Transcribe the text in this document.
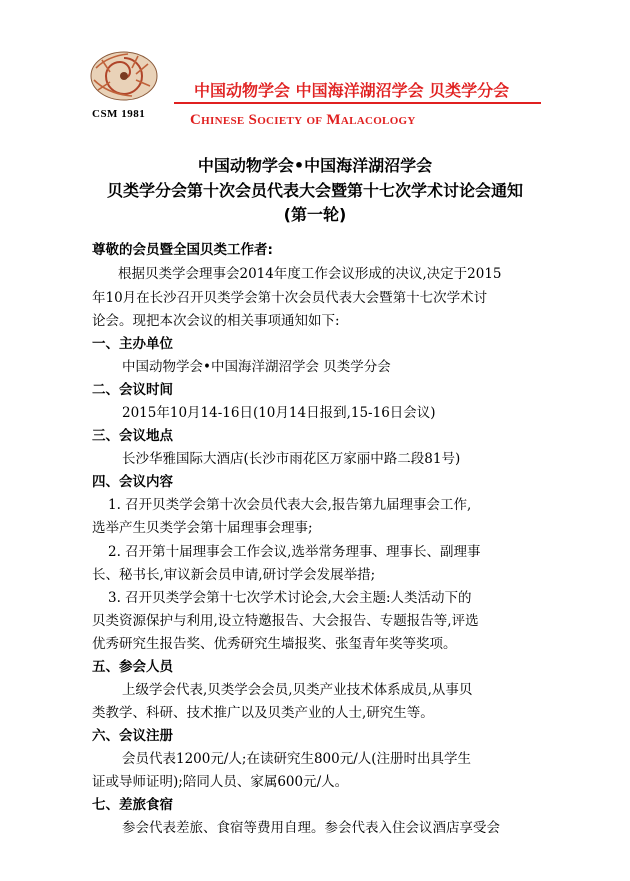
CSM 1981
中国动物学会 中国海洋湖沼学会 贝类学分会
Chinese Society of Malacology
中国动物学会•中国海洋湖沼学会
贝类学分会第十次会员代表大会暨第十七次学术讨论会通知
(第一轮)
尊敬的会员暨全国贝类工作者:
根据贝类学会理事会2014年度工作会议形成的决议,决定于2015
年10月在长沙召开贝类学会第十次会员代表大会暨第十七次学术讨
论会。现把本次会议的相关事项通知如下:
一、主办单位
中国动物学会•中国海洋湖沼学会 贝类学分会
二、会议时间
2015年10月14-16日(10月14日报到,15-16日会议)
三、会议地点
长沙华雅国际大酒店(长沙市雨花区万家丽中路二段81号)
四、会议内容
1. 召开贝类学会第十次会员代表大会,报告第九届理事会工作,
选举产生贝类学会第十届理事会理事;
2. 召开第十届理事会工作会议,选举常务理事、理事长、副理事
长、秘书长,审议新会员申请,研讨学会发展举措;
3. 召开贝类学会第十七次学术讨论会,大会主题:人类活动下的
贝类资源保护与利用,设立特邀报告、大会报告、专题报告等,评选
优秀研究生报告奖、优秀研究生墙报奖、张玺青年奖等奖项。
五、参会人员
上级学会代表,贝类学会会员,贝类产业技术体系成员,从事贝
类教学、科研、技术推广以及贝类产业的人士,研究生等。
六、会议注册
会员代表1200元/人;在读研究生800元/人(注册时出具学生
证或导师证明);陪同人员、家属600元/人。
七、差旅食宿
参会代表差旅、食宿等费用自理。参会代表入住会议酒店享受会
